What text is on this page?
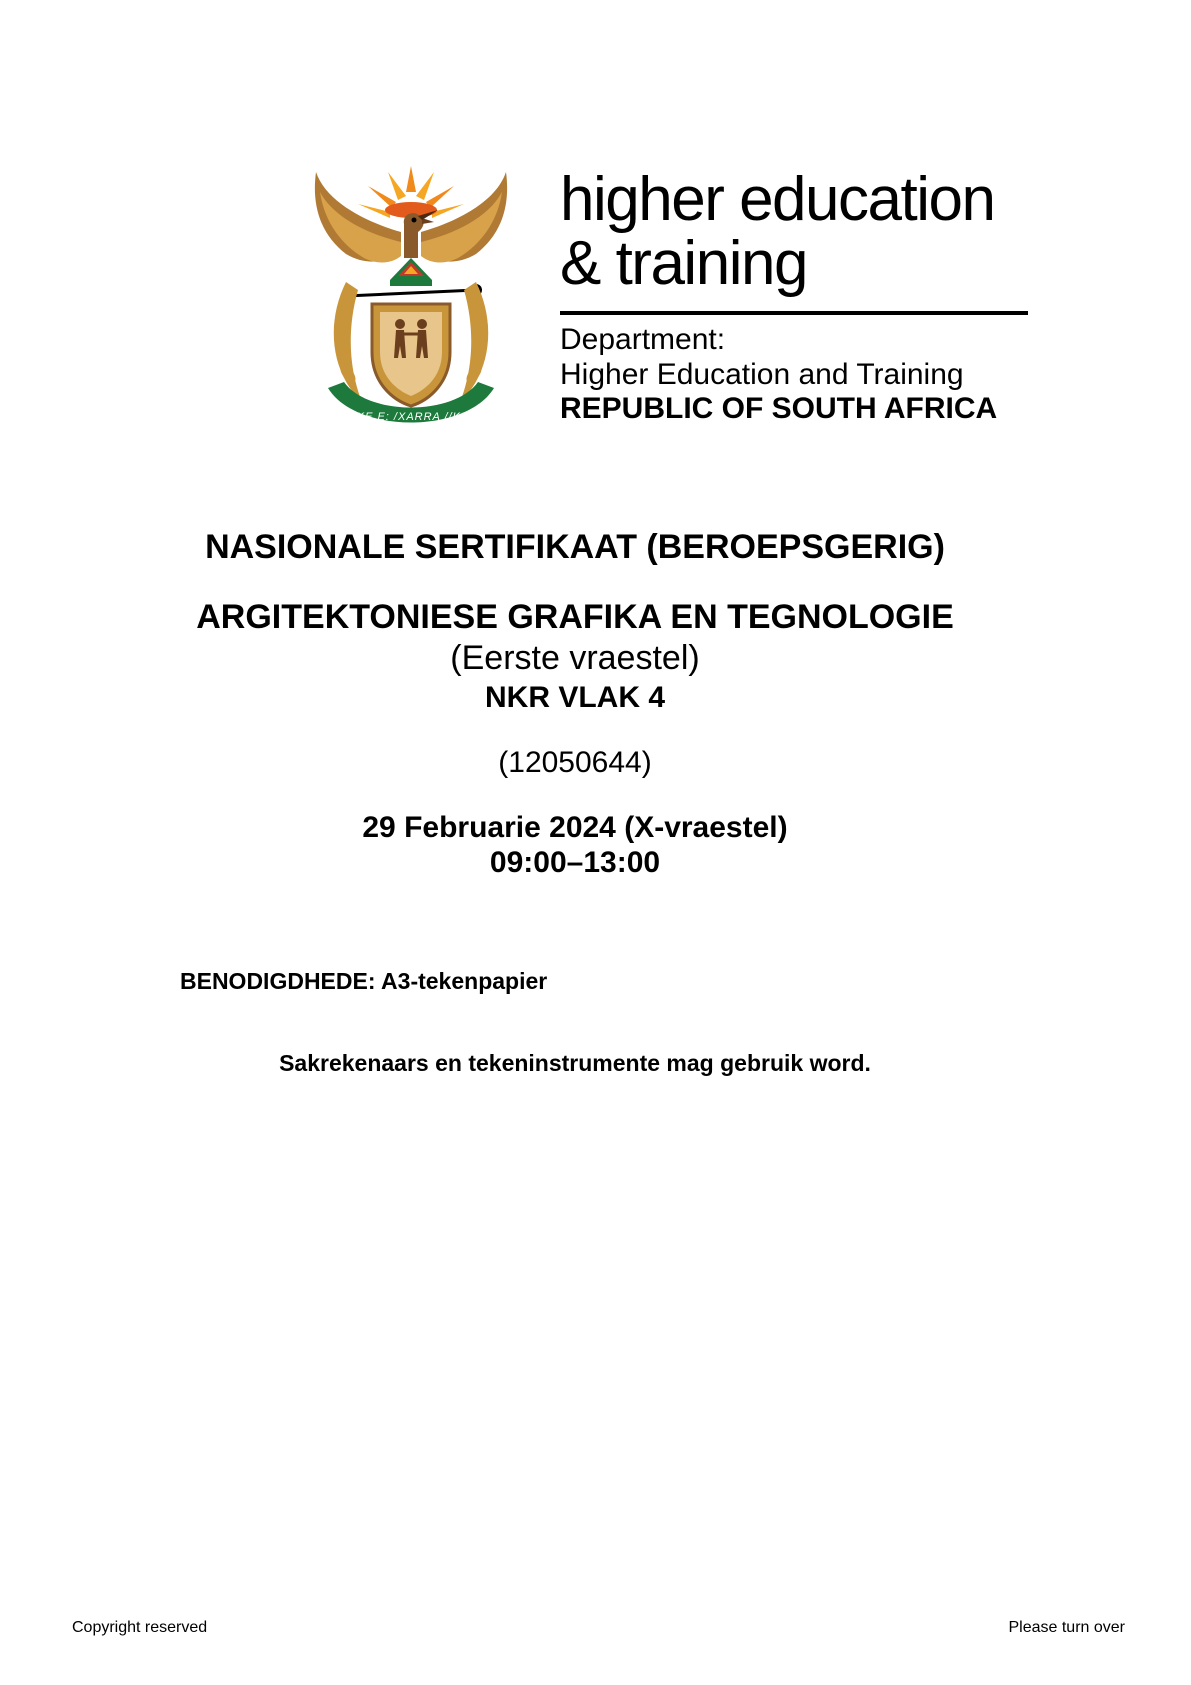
!KE E: /XARRA //KE
higher education
& training
Department:
Higher Education and Training
REPUBLIC OF SOUTH AFRICA
NASIONALE SERTIFIKAAT (BEROEPSGERIG)
ARGITEKTONIESE GRAFIKA EN TEGNOLOGIE
(Eerste vraestel)
NKR VLAK 4
(12050644)
29 Februarie 2024 (X-vraestel)
09:00–13:00
BENODIGDHEDE: A3-tekenpapier
Sakrekenaars en tekeninstrumente mag gebruik word.
Copyright reserved	Please turn over
